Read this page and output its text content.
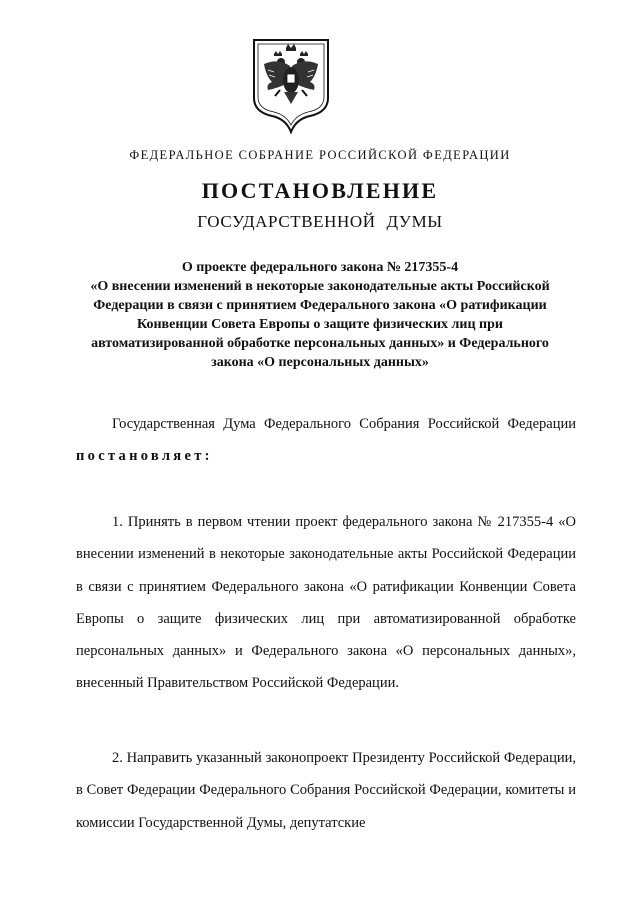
ФЕДЕРАЛЬНОЕ СОБРАНИЕ РОССИЙСКОЙ ФЕДЕРАЦИИ
ПОСТАНОВЛЕНИЕ
ГОСУДАРСТВЕННОЙ ДУМЫ
О проекте федерального закона № 217355-4
«О внесении изменений в некоторые законодательные акты Российской
Федерации в связи с принятием Федерального закона «О ратификации
Конвенции Совета Европы о защите физических лиц при
автоматизированной обработке персональных данных» и Федерального
закона «О персональных данных»
Государственная Дума Федерального Собрания Российской Федерации постановляет:
1. Принять в первом чтении проект федерального закона № 217355-4 «О внесении изменений в некоторые законодательные акты Российской Федерации в связи с принятием Федерального закона «О ратификации Конвенции Совета Европы о защите физических лиц при автоматизированной обработке персональных данных» и Федерального закона «О персональных данных», внесенный Правительством Российской Федерации.
2. Направить указанный законопроект Президенту Российской Федерации, в Совет Федерации Федерального Собрания Российской Федерации, комитеты и комиссии Государственной Думы, депутатские
